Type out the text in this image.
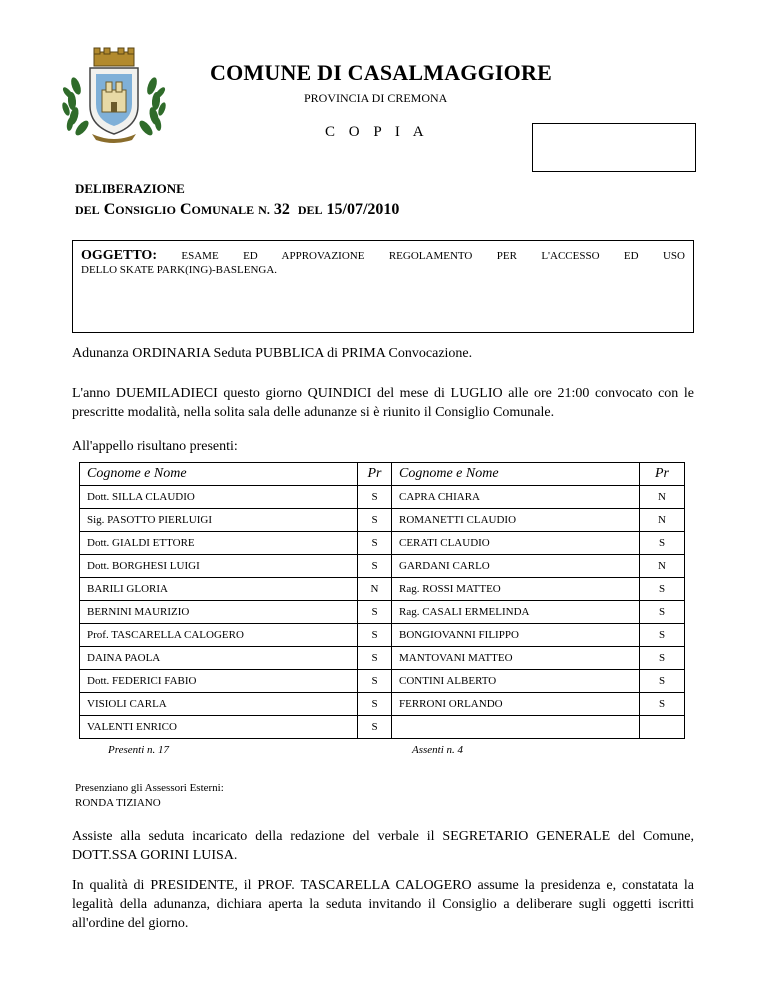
COMUNE DI CASALMAGGIORE
PROVINCIA DI CREMONA
C O P I A
DELIBERAZIONE
DEL CONSIGLIO COMUNALE N. 32 DEL 15/07/2010
OGGETTO: ESAME ED APPROVAZIONE REGOLAMENTO PER L'ACCESSO ED USO
DELLO SKATE PARK(ING)-BASLENGA.
Adunanza ORDINARIA Seduta PUBBLICA di PRIMA Convocazione.
L'anno DUEMILADIECI questo giorno QUINDICI del mese di LUGLIO alle ore 21:00 convocato con le prescritte modalità, nella solita sala delle adunanze si è riunito il Consiglio Comunale.
All'appello risultano presenti:
Cognome e Nome	Pr	Cognome e Nome	Pr
Dott. SILLA CLAUDIO	S	CAPRA CHIARA	N
Sig. PASOTTO PIERLUIGI	S	ROMANETTI CLAUDIO	N
Dott. GIALDI ETTORE	S	CERATI CLAUDIO	S
Dott. BORGHESI LUIGI	S	GARDANI CARLO	N
BARILI GLORIA	N	Rag. ROSSI MATTEO	S
BERNINI MAURIZIO	S	Rag. CASALI ERMELINDA	S
Prof. TASCARELLA CALOGERO	S	BONGIOVANNI FILIPPO	S
DAINA PAOLA	S	MANTOVANI MATTEO	S
Dott. FEDERICI FABIO	S	CONTINI ALBERTO	S
VISIOLI CARLA	S	FERRONI ORLANDO	S
VALENTI ENRICO	S		
Presenti n. 17	Assenti n. 4
Presenziano gli Assessori Esterni:
RONDA TIZIANO
Assiste alla seduta incaricato della redazione del verbale il SEGRETARIO GENERALE del Comune, DOTT.SSA GORINI LUISA.
In qualità di PRESIDENTE, il PROF. TASCARELLA CALOGERO assume la presidenza e, constatata la legalità della adunanza, dichiara aperta la seduta invitando il Consiglio a deliberare sugli oggetti iscritti all'ordine del giorno.
